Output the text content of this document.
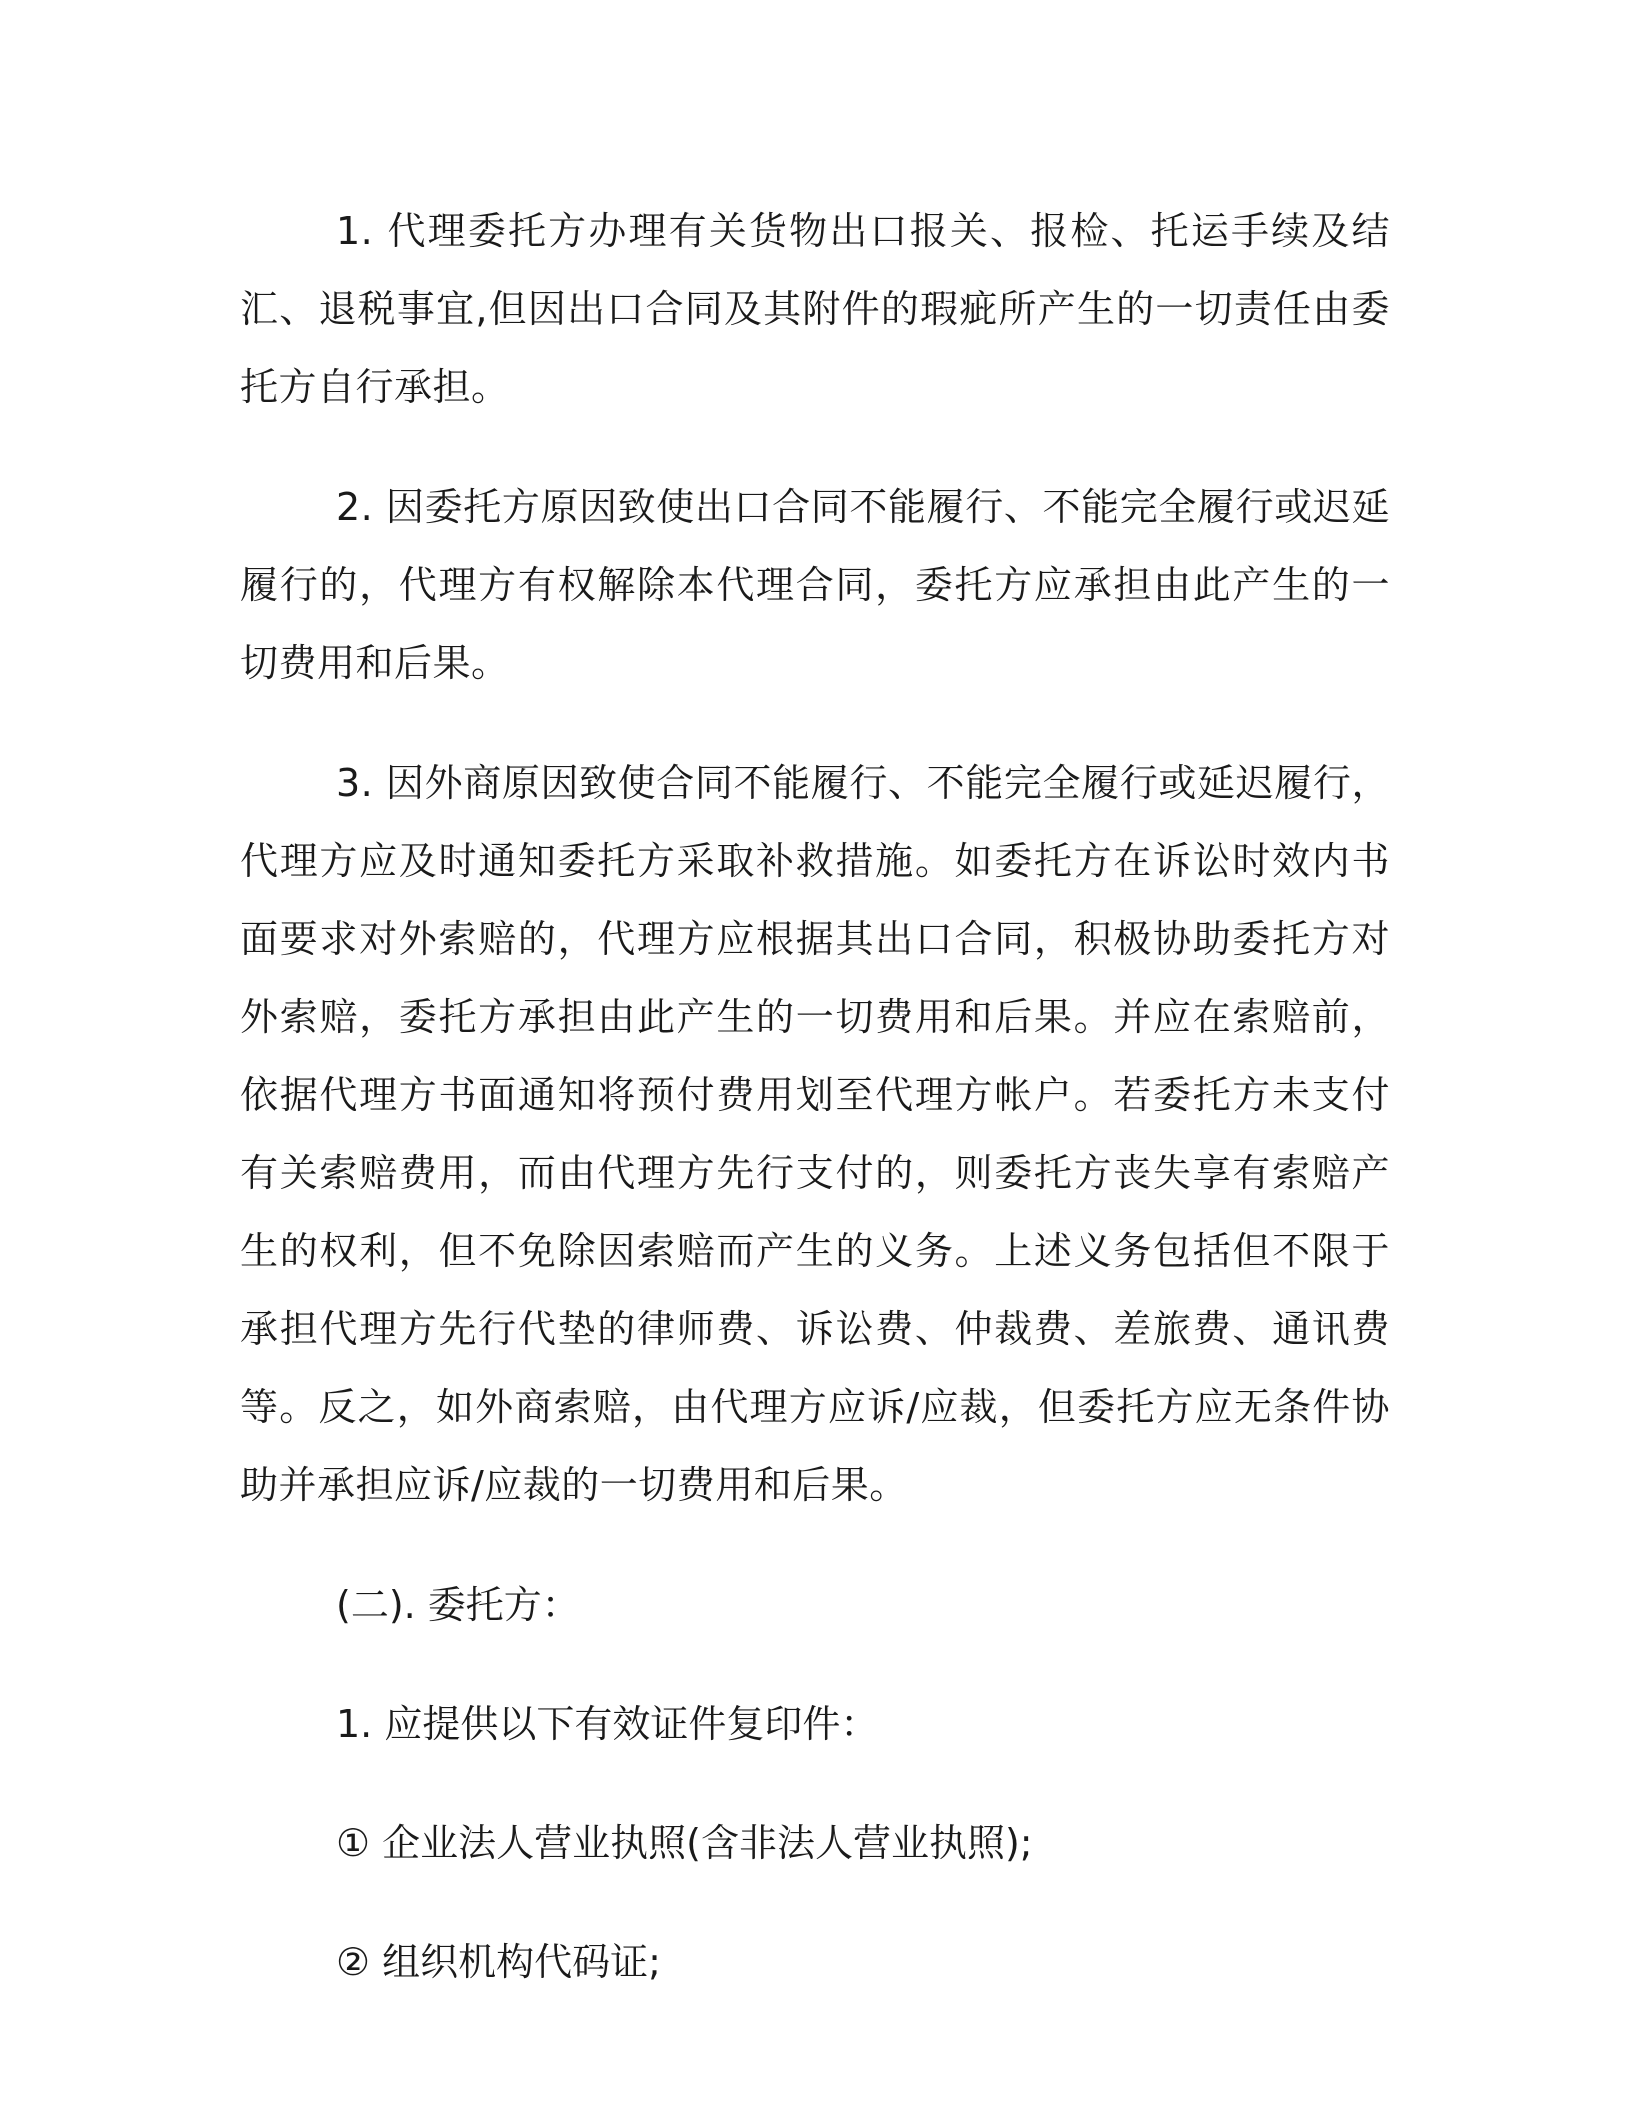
1. 代理委托方办理有关货物出口报关、报检、托运手续及结汇、退税事宜,但因出口合同及其附件的瑕疵所产生的一切责任由委托方自行承担。

2. 因委托方原因致使出口合同不能履行、不能完全履行或迟延履行的，代理方有权解除本代理合同，委托方应承担由此产生的一切费用和后果。

3. 因外商原因致使合同不能履行、不能完全履行或延迟履行，代理方应及时通知委托方采取补救措施。如委托方在诉讼时效内书面要求对外索赔的，代理方应根据其出口合同，积极协助委托方对外索赔，委托方承担由此产生的一切费用和后果。并应在索赔前，依据代理方书面通知将预付费用划至代理方帐户。若委托方未支付有关索赔费用，而由代理方先行支付的，则委托方丧失享有索赔产生的权利，但不免除因索赔而产生的义务。上述义务包括但不限于承担代理方先行代垫的律师费、诉讼费、仲裁费、差旅费、通讯费等。反之，如外商索赔，由代理方应诉/应裁，但委托方应无条件协助并承担应诉/应裁的一切费用和后果。

(二). 委托方：

1. 应提供以下有效证件复印件：

① 企业法人营业执照(含非法人营业执照);

② 组织机构代码证;
